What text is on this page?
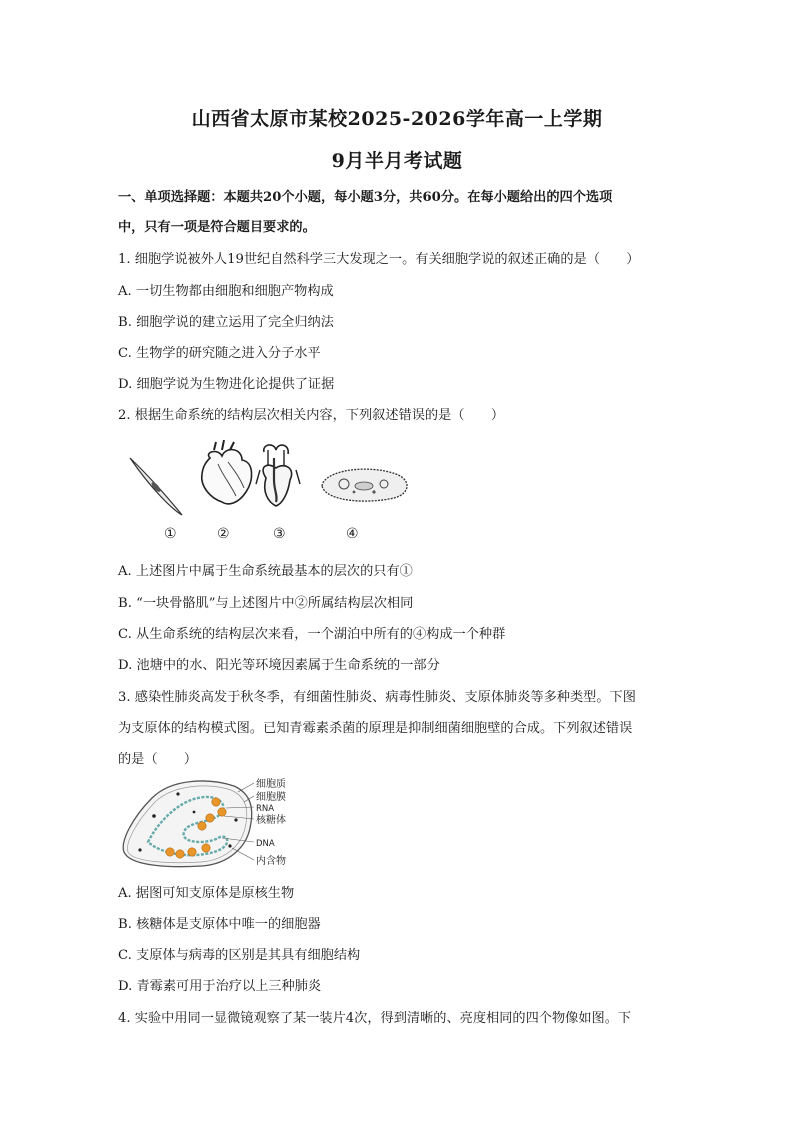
山西省太原市某校2025-2026学年高一上学期
9月半月考试题
一、单项选择题：本题共20个小题，每小题3分，共60分。在每小题给出的四个选项
中，只有一项是符合题目要求的。
1. 细胞学说被外人19世纪自然科学三大发现之一。有关细胞学说的叙述正确的是（　　）
A. 一切生物都由细胞和细胞产物构成
B. 细胞学说的建立运用了完全归纳法
C. 生物学的研究随之进入分子水平
D. 细胞学说为生物进化论提供了证据
2. 根据生命系统的结构层次相关内容，下列叙述错误的是（　　）
①	②	③	④
A. 上述图片中属于生命系统最基本的层次的只有①
B. “一块骨骼肌”与上述图片中②所属结构层次相同
C. 从生命系统的结构层次来看，一个湖泊中所有的④构成一个种群
D. 池塘中的水、阳光等环境因素属于生命系统的一部分
3. 感染性肺炎高发于秋冬季，有细菌性肺炎、病毒性肺炎、支原体肺炎等多种类型。下图
为支原体的结构模式图。已知青霉素杀菌的原理是抑制细菌细胞壁的合成。下列叙述错误
的是（　　）
细胞质
细胞膜
RNA
核糖体
DNA
内含物
A. 据图可知支原体是原核生物
B. 核糖体是支原体中唯一的细胞器
C. 支原体与病毒的区别是其具有细胞结构
D. 青霉素可用于治疗以上三种肺炎
4. 实验中用同一显微镜观察了某一装片4次，得到清晰的、亮度相同的四个物像如图。下
